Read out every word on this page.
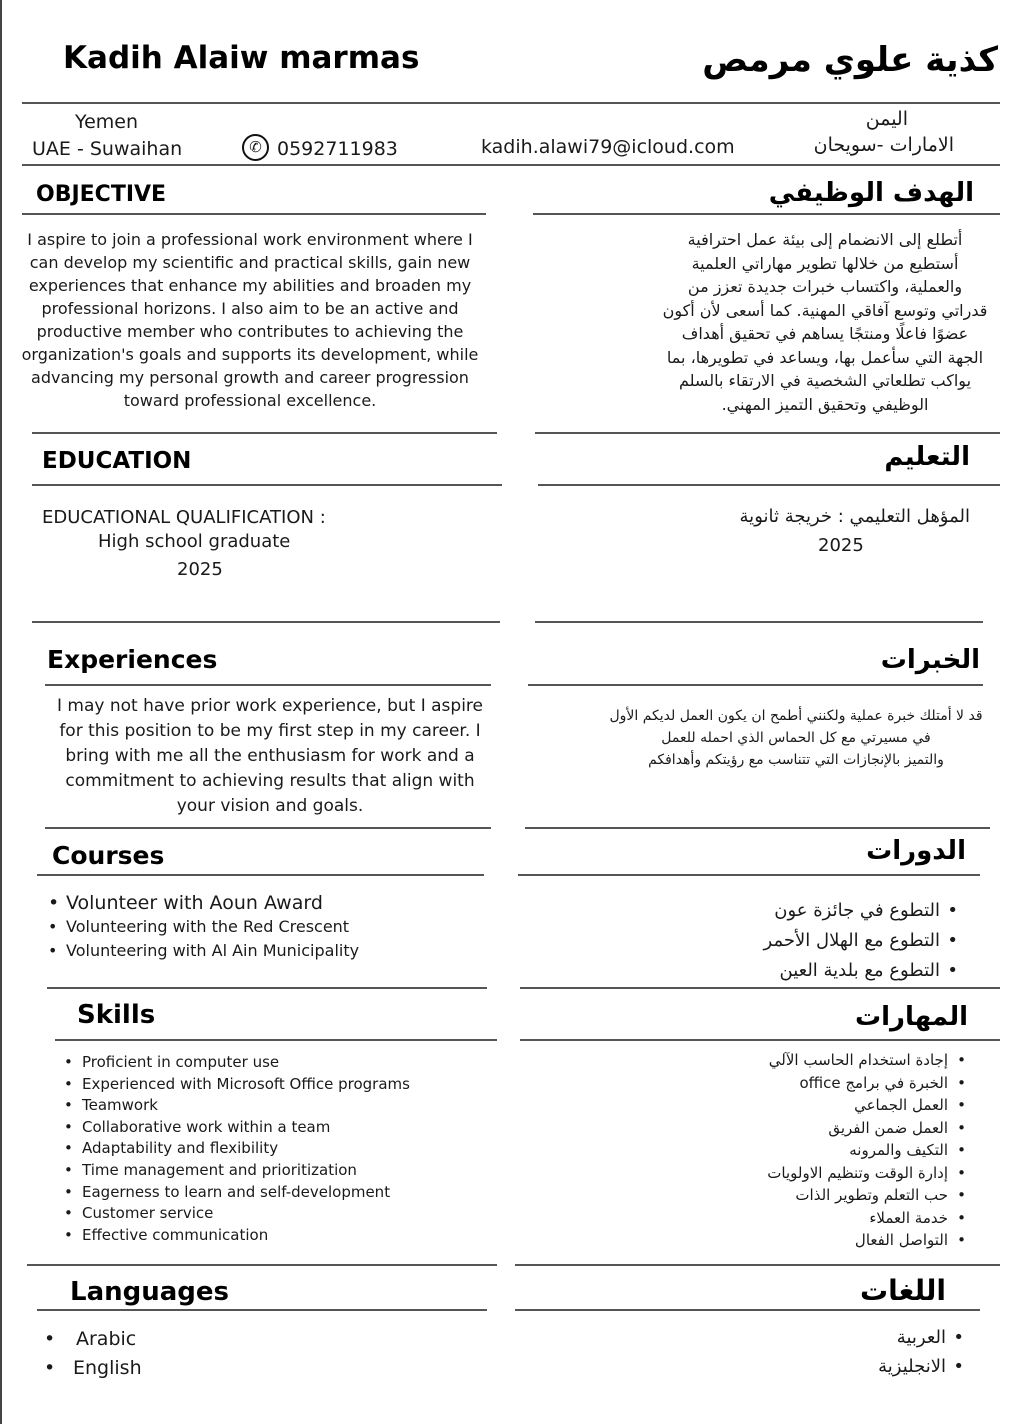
Kadih Alaiw marmas	كذية علوي مرمص
Yemen
UAE - Suwaihan	✆ 0592711983	kadih.alawi79@icloud.com
اليمن
الامارات -سويحان
OBJECTIVE	الهدف الوظيفي
I aspire to join a professional work environment where I
can develop my scientific and practical skills, gain new
experiences that enhance my abilities and broaden my
professional horizons. I also aim to be an active and
productive member who contributes to achieving the
organization's goals and supports its development, while
advancing my personal growth and career progression
toward professional excellence.
أتطلع إلى الانضمام إلى بيئة عمل احترافية
أستطيع من خلالها تطوير مهاراتي العلمية
والعملية، واكتساب خبرات جديدة تعزز من
قدراتي وتوسع آفاقي المهنية. كما أسعى لأن أكون
عضوًا فاعلًا ومنتجًا يساهم في تحقيق أهداف
الجهة التي سأعمل بها، ويساعد في تطويرها، بما
يواكب تطلعاتي الشخصية في الارتقاء بالسلم
الوظيفي وتحقيق التميز المهني.
EDUCATION	التعليم
EDUCATIONAL QUALIFICATION :
High school graduate
2025
المؤهل التعليمي : خريجة ثانوية
2025
Experiences	الخبرات
I may not have prior work experience, but I aspire
for this position to be my first step in my career. I
bring with me all the enthusiasm for work and a
commitment to achieving results that align with
your vision and goals.
قد لا أمتلك خبرة عملية ولكنني أطمح ان يكون العمل لديكم الأول
في مسيرتي مع كل الحماس الذي احمله للعمل
والتميز بالإنجازات التي تتناسب مع رؤيتكم وأهدافكم
Courses	الدورات
• Volunteer with Aoun Award
• Volunteering with the Red Crescent
• Volunteering with Al Ain Municipality
• التطوع في جائزة عون
• التطوع مع الهلال الأحمر
• التطوع مع بلدية العين
Skills	المهارات
• Proficient in computer use
• Experienced with Microsoft Office programs
• Teamwork
• Collaborative work within a team
• Adaptability and flexibility
• Time management and prioritization
• Eagerness to learn and self-development
• Customer service
• Effective communication
• إجادة استخدام الحاسب الآلي
• الخبرة في برامج office
• العمل الجماعي
• العمل ضمن الفريق
• التكيف والمرونه
• إدارة الوقت وتنظيم الاولويات
• حب التعلم وتطوير الذات
• خدمة العملاء
• التواصل الفعال
Languages	اللغات
• Arabic
• English
• العربية
• الانجليزية
